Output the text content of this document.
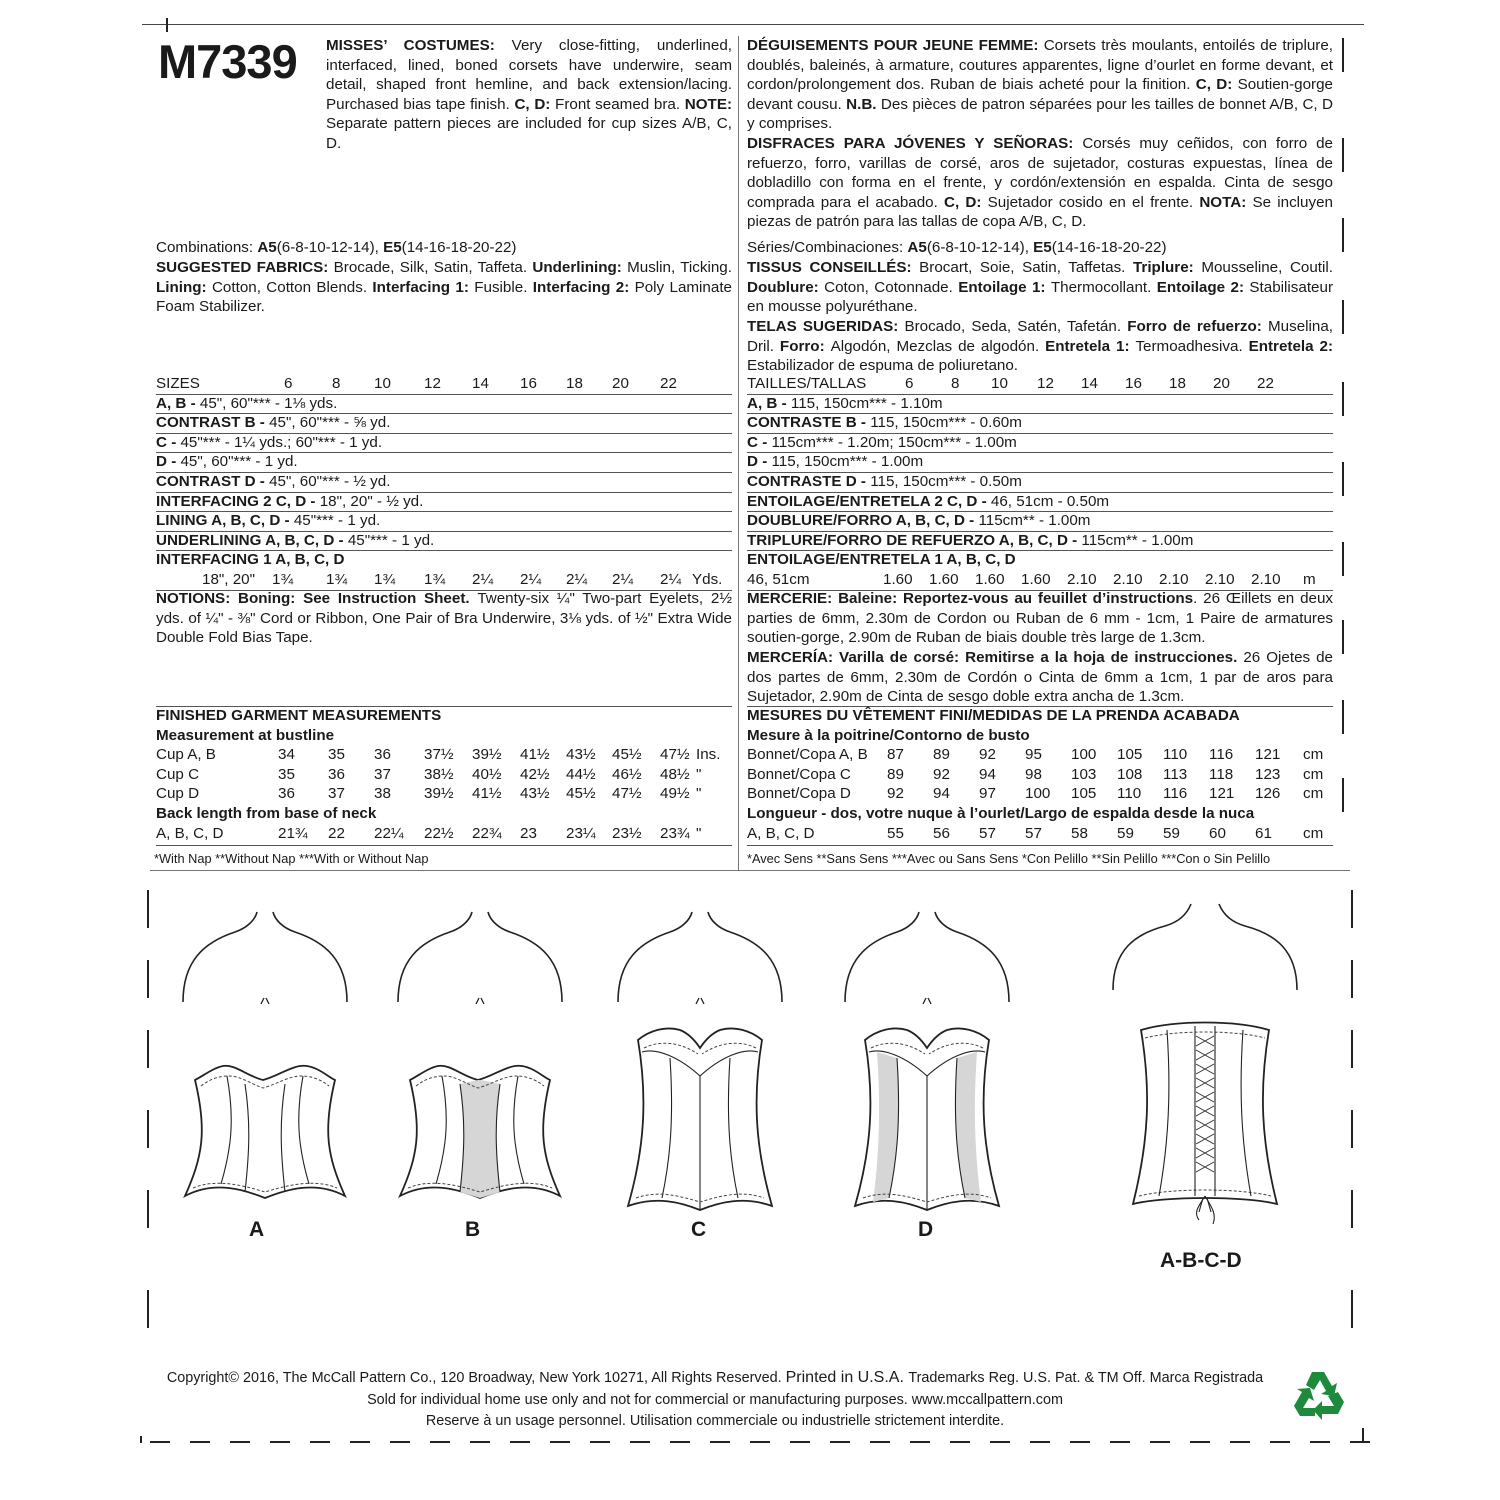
M7339 MISSES’ COSTUMES: Very close-fitting, underlined, interfaced, lined, boned corsets have underwire, seam detail, shaped front hemline, and back extension/lacing. Purchased bias tape finish. C, D: Front seamed bra. NOTE: Separate pattern pieces are included for cup sizes A/B, C, D.
Combinations: A5(6-8-10-12-14), E5(14-16-18-20-22)
SUGGESTED FABRICS: Brocade, Silk, Satin, Taffeta. Underlining: Muslin, Ticking. Lining: Cotton, Cotton Blends. Interfacing 1: Fusible. Interfacing 2: Poly Laminate Foam Stabilizer.
SIZES	6	8 10 12 14 16 18 20 22
A, B - 45", 60"*** - 1⅛ yds.
CONTRAST B - 45", 60"*** - ⅝ yd.
C - 45"*** - 1¼ yds.; 60"*** - 1 yd.
D - 45", 60"*** - 1 yd.
CONTRAST D - 45", 60"*** - ½ yd.
INTERFACING 2 C, D - 18", 20" - ½ yd.
LINING A, B, C, D - 45"*** - 1 yd.
UNDERLINING A, B, C, D - 45"*** - 1 yd.
INTERFACING 1 A, B, C, D
18", 20" 1¾ 1¾ 1¾ 1¾ 2¼ 2¼ 2¼ 2¼ 2¼ Yds.
NOTIONS: Boning: See Instruction Sheet. Twenty-six ¼" Two-part Eyelets, 2½ yds. of ¼" - ⅜" Cord or Ribbon, One Pair of Bra Underwire, 3⅛ yds. of ½" Extra Wide Double Fold Bias Tape.
FINISHED GARMENT MEASUREMENTS
Measurement at bustline
Cup A, B	34 35 36 37½ 39½ 41½ 43½ 45½ 47½ Ins.
Cup C	35 36 37 38½ 40½ 42½ 44½ 46½ 48½ "
Cup D	36 37 38 39½ 41½ 43½ 45½ 47½ 49½ "
Back length from base of neck
A, B, C, D	21¾ 22 22¼ 22½ 22¾ 23 23¼ 23½ 23¾ "
*With Nap **Without Nap ***With or Without Nap
DÉGUISEMENTS POUR JEUNE FEMME: Corsets très moulants, entoilés de triplure, doublés, baleinés, à armature, coutures apparentes, ligne d’ourlet en forme devant, et cordon/prolongement dos. Ruban de biais acheté pour la finition. C, D: Soutien-gorge devant cousu. N.B. Des pièces de patron séparées pour les tailles de bonnet A/B, C, D y comprises.
DISFRACES PARA JÓVENES Y SEÑORAS: Corsés muy ceñidos, con forro de refuerzo, forro, varillas de corsé, aros de sujetador, costuras expuestas, línea de dobladillo con forma en el frente, y cordón/extensión en espalda. Cinta de sesgo comprada para el acabado. C, D: Sujetador cosido en el frente. NOTA: Se incluyen piezas de patrón para las tallas de copa A/B, C, D.
Séries/Combinaciones: A5(6-8-10-12-14), E5(14-16-18-20-22)
TISSUS CONSEILLÉS: Brocart, Soie, Satin, Taffetas. Triplure: Mousseline, Coutil. Doublure: Coton, Cotonnade. Entoilage 1: Thermocollant. Entoilage 2: Stabilisateur en mousse polyuréthane.
TELAS SUGERIDAS: Brocado, Seda, Satén, Tafetán. Forro de refuerzo: Muselina, Dril. Forro: Algodón, Mezclas de algodón. Entretela 1: Termoadhesiva. Entretela 2: Estabilizador de espuma de poliuretano.
TAILLES/TALLAS	6 8 10 12 14 16 18 20 22
A, B - 115, 150cm*** - 1.10m
CONTRASTE B - 115, 150cm*** - 0.60m
C - 115cm*** - 1.20m; 150cm*** - 1.00m
D - 115, 150cm*** - 1.00m
CONTRASTE D - 115, 150cm*** - 0.50m
ENTOILAGE/ENTRETELA 2 C, D - 46, 51cm - 0.50m
DOUBLURE/FORRO A, B, C, D - 115cm** - 1.00m
TRIPLURE/FORRO DE REFUERZO A, B, C, D - 115cm** - 1.00m
ENTOILAGE/ENTRETELA 1 A, B, C, D
46, 51cm	1.60 1.60 1.60 1.60 2.10 2.10 2.10 2.10 2.10 m
MERCERIE: Baleine: Reportez-vous au feuillet d’instructions. 26 Œillets en deux parties de 6mm, 2.30m de Cordon ou Ruban de 6 mm - 1cm, 1 Paire de armatures soutien-gorge, 2.90m de Ruban de biais double très large de 1.3cm.
MERCERÍA: Varilla de corsé: Remitirse a la hoja de instrucciones. 26 Ojetes de dos partes de 6mm, 2.30m de Cordón o Cinta de 6mm a 1cm, 1 par de aros para Sujetador, 2.90m de Cinta de sesgo doble extra ancha de 1.3cm.
MESURES DU VÊTEMENT FINI/MEDIDAS DE LA PRENDA ACABADA
Mesure à la poitrine/Contorno de busto
Bonnet/Copa A, B 87 89 92 95 100 105 110 116 121 cm
Bonnet/Copa C 89 92 94 98 103 108 113 118 123 cm
Bonnet/Copa D 92 94 97 100 105 110 116 121 126 cm
Longueur - dos, votre nuque à l’ourlet/Largo de espalda desde la nuca
A, B, C, D	55 56 57 57 58 59 59 60 61 cm
*Avec Sens **Sans Sens ***Avec ou Sans Sens *Con Pelillo **Sin Pelillo ***Con o Sin Pelillo
A	B	C	D
A-B-C-D
Copyright© 2016, The McCall Pattern Co., 120 Broadway, New York 10271, All Rights Reserved. Printed in U.S.A. Trademarks Reg. U.S. Pat. & TM Off. Marca Registrada
Sold for individual home use only and not for commercial or manufacturing purposes. www.mccallpattern.com
Reserve à un usage personnel. Utilisation commerciale ou industrielle strictement interdite.
